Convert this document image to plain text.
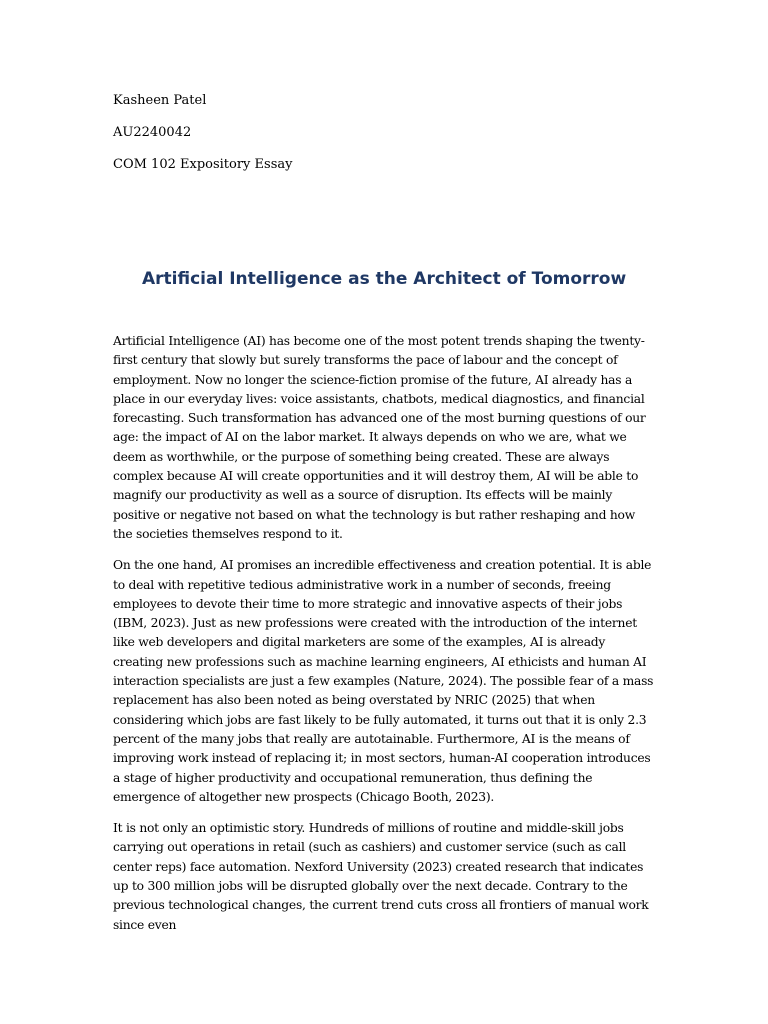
Kasheen Patel
AU2240042
COM 102 Expository Essay
Artificial Intelligence as the Architect of Tomorrow

Artificial Intelligence (AI) has become one of the most potent trends shaping the twenty-first century that slowly but surely transforms the pace of labour and the concept of employment. Now no longer the science-fiction promise of the future, AI already has a place in our everyday lives: voice assistants, chatbots, medical diagnostics, and financial forecasting. Such transformation has advanced one of the most burning questions of our age: the impact of AI on the labor market. It always depends on who we are, what we deem as worthwhile, or the purpose of something being created. These are always complex because AI will create opportunities and it will destroy them, AI will be able to magnify our productivity as well as a source of disruption. Its effects will be mainly positive or negative not based on what the technology is but rather reshaping and how the societies themselves respond to it.

On the one hand, AI promises an incredible effectiveness and creation potential. It is able to deal with repetitive tedious administrative work in a number of seconds, freeing employees to devote their time to more strategic and innovative aspects of their jobs (IBM, 2023). Just as new professions were created with the introduction of the internet like web developers and digital marketers are some of the examples, AI is already creating new professions such as machine learning engineers, AI ethicists and human AI interaction specialists are just a few examples (Nature, 2024). The possible fear of a mass replacement has also been noted as being overstated by NRIC (2025) that when considering which jobs are fast likely to be fully automated, it turns out that it is only 2.3 percent of the many jobs that really are autotainable. Furthermore, AI is the means of improving work instead of replacing it; in most sectors, human-AI cooperation introduces a stage of higher productivity and occupational remuneration, thus defining the emergence of altogether new prospects (Chicago Booth, 2023).

It is not only an optimistic story. Hundreds of millions of routine and middle-skill jobs carrying out operations in retail (such as cashiers) and customer service (such as call center reps) face automation. Nexford University (2023) created research that indicates up to 300 million jobs will be disrupted globally over the next decade. Contrary to the previous technological changes, the current trend cuts cross all frontiers of manual work since even
